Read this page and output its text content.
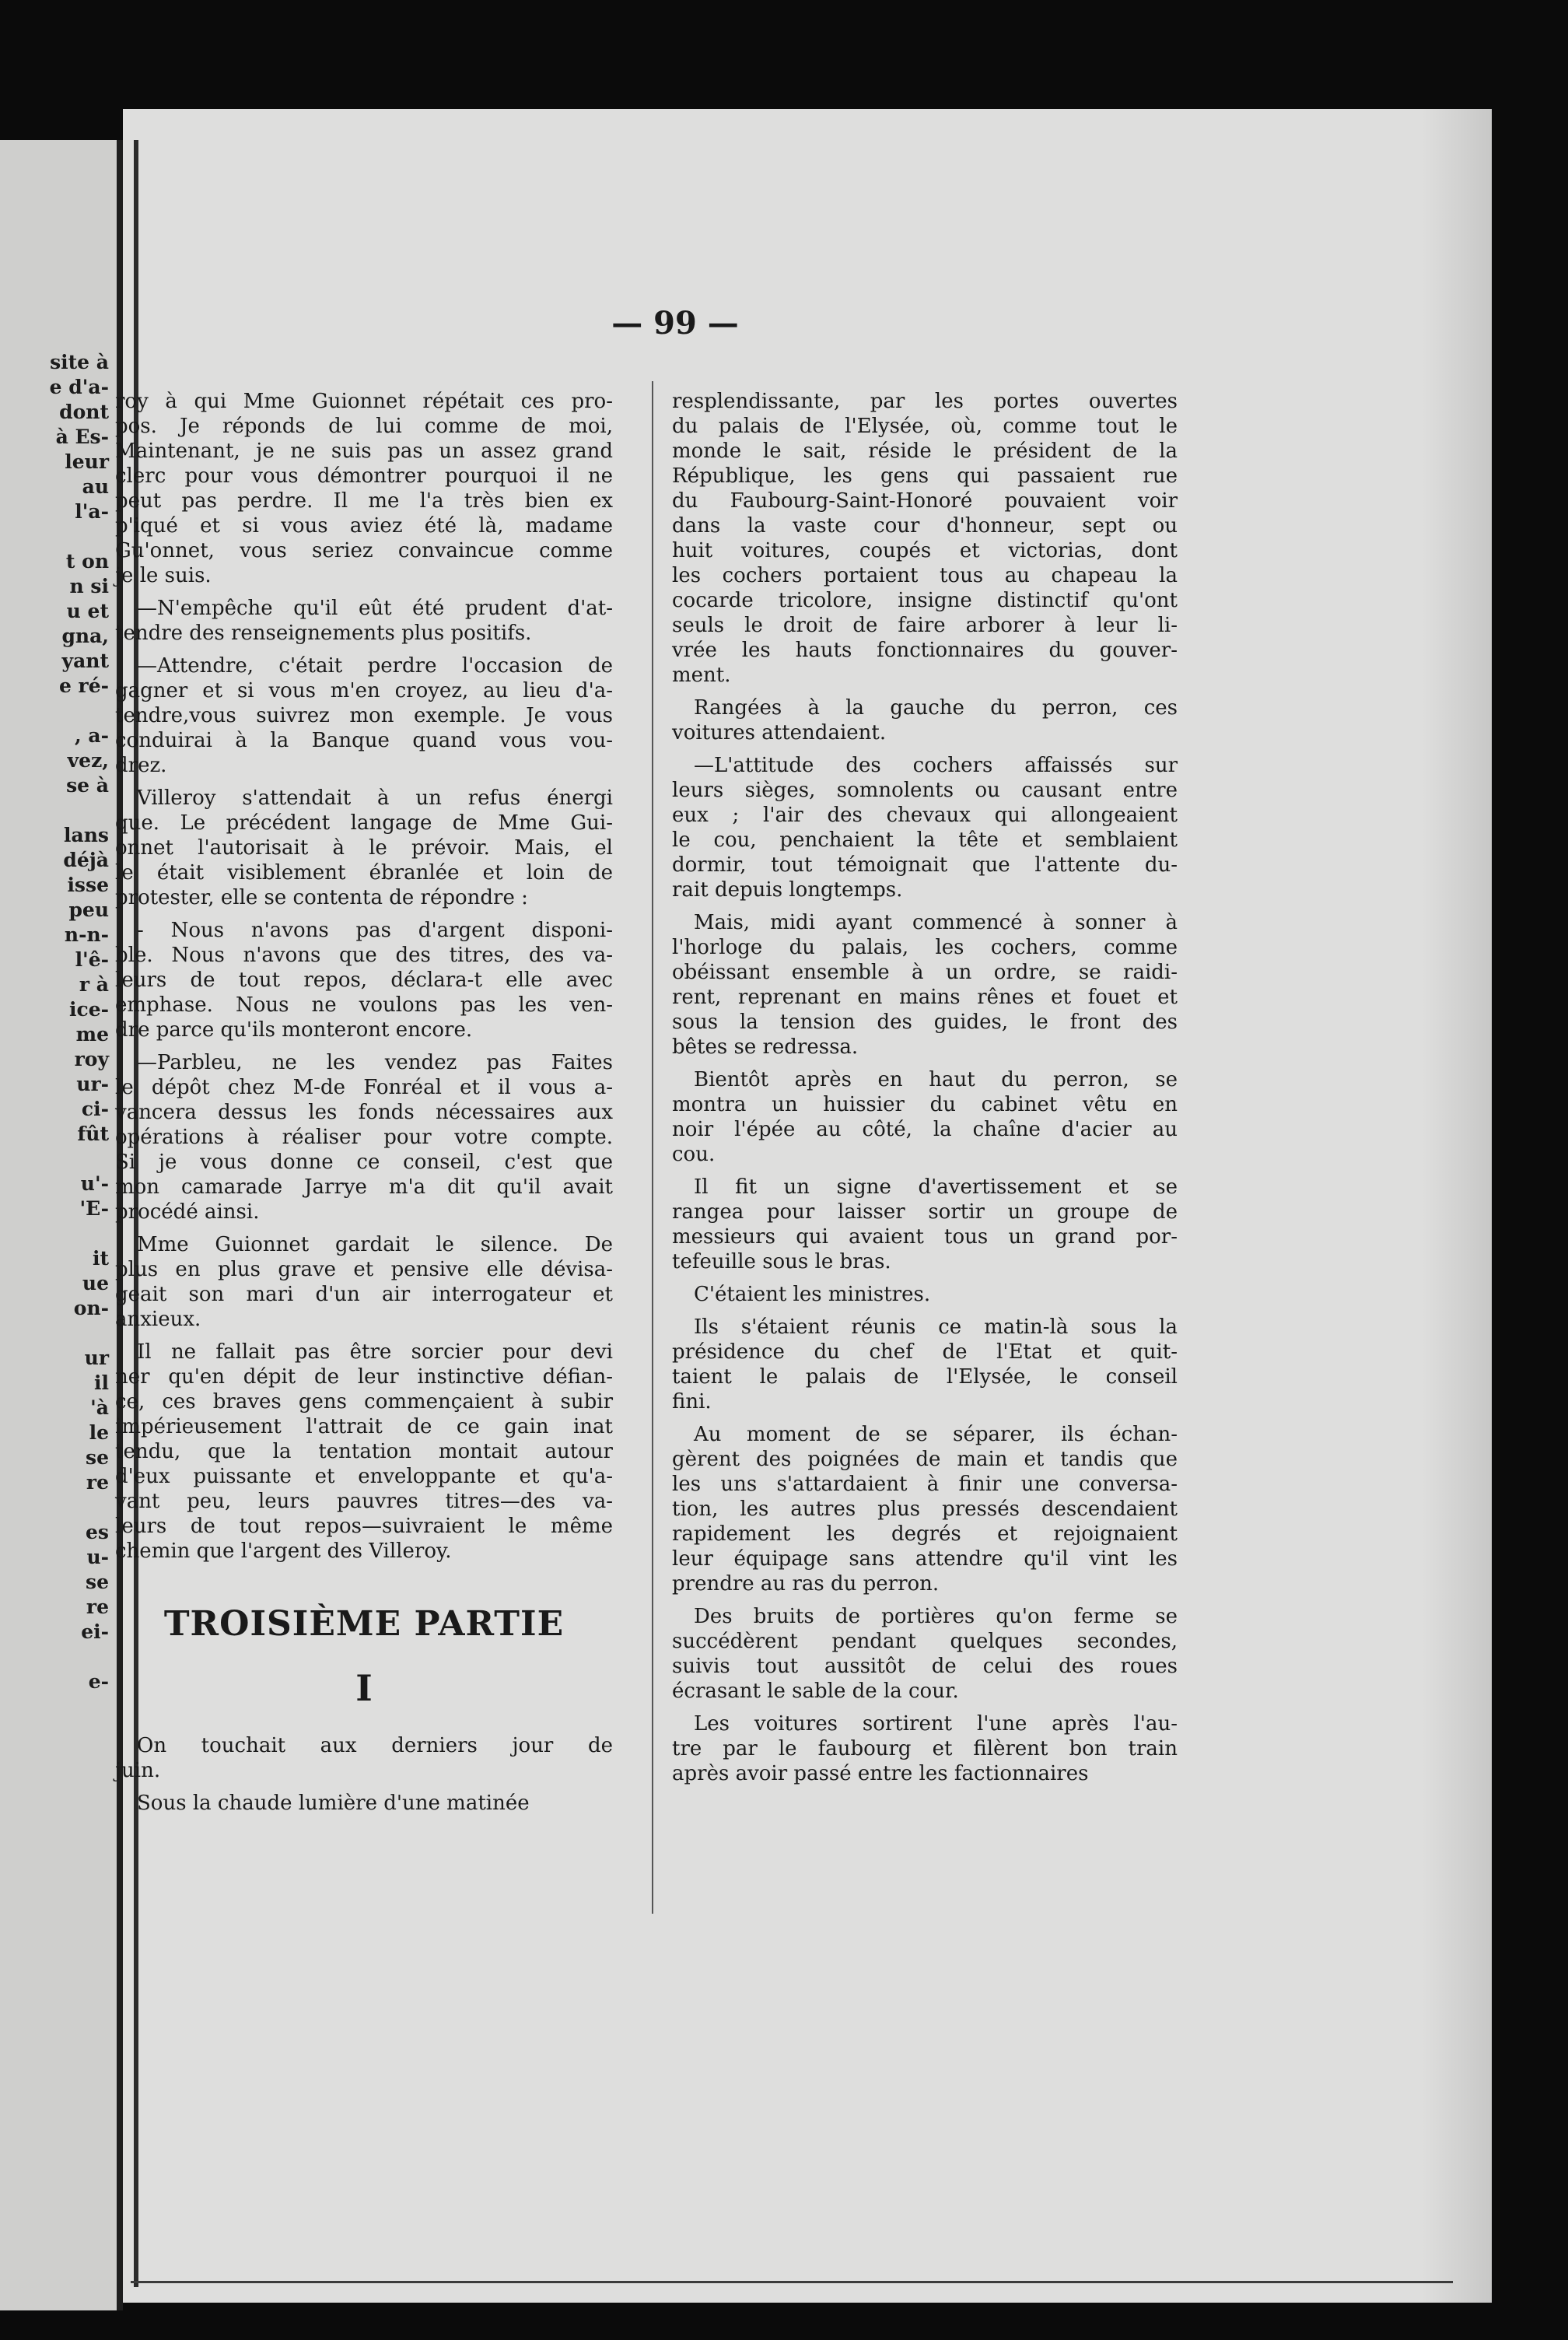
site à
e d'a-
dont
à Es-
leur
au
l'a-
t on
n si
u et
gna,
yant
e ré-
, a-
vez,
se à
lans
déjà
isse
peu
n-n-
l'ê-
r à
ice-
me
roy
ur-
ci-
fût
u'-
'E-
it
ue
on-
ur
il
'à
le
se
re
es
u-
se
re
ei-
e-
— 99 —
roy à qui Mme Guionnet répétait ces pro-
pos. Je réponds de lui comme de moi,
Maintenant, je ne suis pas un assez grand
clerc pour vous démontrer pourquoi il ne
peut pas perdre. Il me l'a très bien ex
p'iqué et si vous aviez été là, madame
Gu'onnet, vous seriez convaincue comme
je le suis.
—N'empêche qu'il eût été prudent d'at-
tendre des renseignements plus positifs.
—Attendre, c'était perdre l'occasion de
gagner et si vous m'en croyez, au lieu d'a-
tendre,vous suivrez mon exemple. Je vous
conduirai à la Banque quand vous vou-
drez.
Villeroy s'attendait à un refus énergi
que. Le précédent langage de Mme Gui-
onnet l'autorisait à le prévoir. Mais, el
le était visiblement ébranlée et loin de
protester, elle se contenta de répondre :
- Nous n'avons pas d'argent disponi-
ble. Nous n'avons que des titres, des va-
leurs de tout repos, déclara-t elle avec
emphase. Nous ne voulons pas les ven-
dre parce qu'ils monteront encore.
—Parbleu, ne les vendez pas Faites
le dépôt chez M-de Fonréal et il vous a-
vancera dessus les fonds nécessaires aux
opérations à réaliser pour votre compte.
Si je vous donne ce conseil, c'est que
mon camarade Jarrye m'a dit qu'il avait
procédé ainsi.
Mme Guionnet gardait le silence. De
plus en plus grave et pensive elle dévisa-
geait son mari d'un air interrogateur et
anxieux.
Il ne fallait pas être sorcier pour devi
ner qu'en dépit de leur instinctive défian-
ce, ces braves gens commençaient à subir
impérieusement l'attrait de ce gain inat
tendu, que la tentation montait autour
d'eux puissante et enveloppante et qu'a-
vant peu, leurs pauvres titres—des va-
leurs de tout repos—suivraient le même
chemin que l'argent des Villeroy.
TROISIÈME PARTIE
I
On touchait aux derniers jour de
juin.
Sous la chaude lumière d'une matinée
resplendissante, par les portes ouvertes
du palais de l'Elysée, où, comme tout le
monde le sait, réside le président de la
République, les gens qui passaient rue
du Faubourg-Saint-Honoré pouvaient voir
dans la vaste cour d'honneur, sept ou
huit voitures, coupés et victorias, dont
les cochers portaient tous au chapeau la
cocarde tricolore, insigne distinctif qu'ont
seuls le droit de faire arborer à leur li-
vrée les hauts fonctionnaires du gouver-
ment.
Rangées à la gauche du perron, ces
voitures attendaient.
—L'attitude des cochers affaissés sur
leurs sièges, somnolents ou causant entre
eux ; l'air des chevaux qui allongeaient
le cou, penchaient la tête et semblaient
dormir, tout témoignait que l'attente du-
rait depuis longtemps.
Mais, midi ayant commencé à sonner à
l'horloge du palais, les cochers, comme
obéissant ensemble à un ordre, se raidi-
rent, reprenant en mains rênes et fouet et
sous la tension des guides, le front des
bêtes se redressa.
Bientôt après en haut du perron, se
montra un huissier du cabinet vêtu en
noir l'épée au côté, la chaîne d'acier au
cou.
Il fit un signe d'avertissement et se
rangea pour laisser sortir un groupe de
messieurs qui avaient tous un grand por-
tefeuille sous le bras.
C'étaient les ministres.
Ils s'étaient réunis ce matin-là sous la
présidence du chef de l'Etat et quit-
taient le palais de l'Elysée, le conseil
fini.
Au moment de se séparer, ils échan-
gèrent des poignées de main et tandis que
les uns s'attardaient à finir une conversa-
tion, les autres plus pressés descendaient
rapidement les degrés et rejoignaient
leur équipage sans attendre qu'il vint les
prendre au ras du perron.
Des bruits de portières qu'on ferme se
succédèrent pendant quelques secondes,
suivis tout aussitôt de celui des roues
écrasant le sable de la cour.
Les voitures sortirent l'une après l'au-
tre par le faubourg et filèrent bon train
après avoir passé entre les factionnaires
